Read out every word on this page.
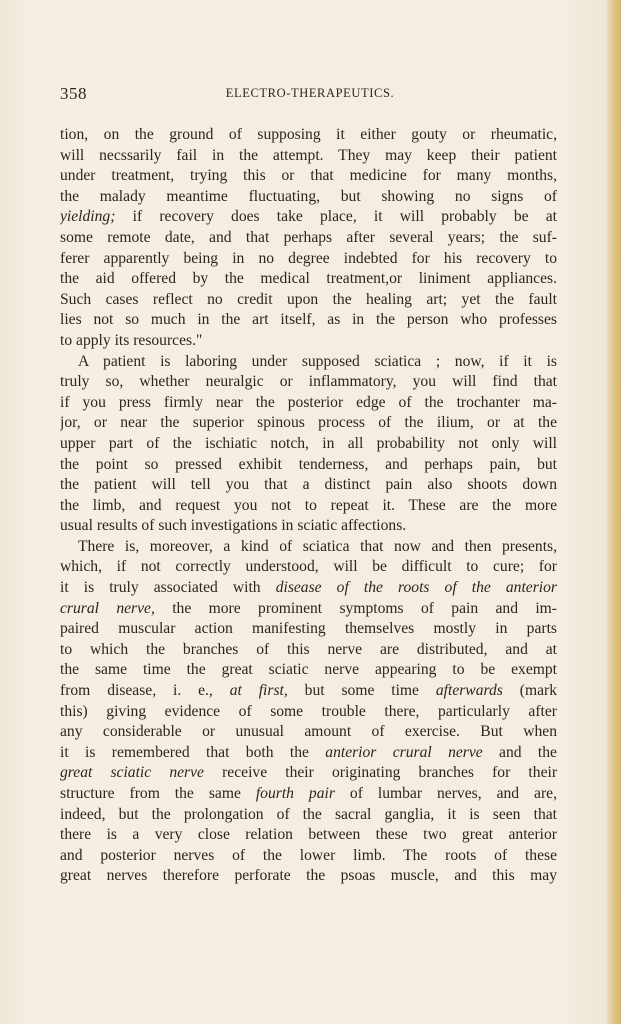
358	ELECTRO-THERAPEUTICS.
tion, on the ground of supposing it either gouty or rheumatic,
will necssarily fail in the attempt. They may keep their patient
under treatment, trying this or that medicine for many months,
the malady meantime fluctuating, but showing no signs of
yielding; if recovery does take place, it will probably be at
some remote date, and that perhaps after several years; the suf-
ferer apparently being in no degree indebted for his recovery to
the aid offered by the medical treatment,or liniment appliances.
Such cases reflect no credit upon the healing art; yet the fault
lies not so much in the art itself, as in the person who professes
to apply its resources."
A patient is laboring under supposed sciatica ; now, if it is
truly so, whether neuralgic or inflammatory, you will find that
if you press firmly near the posterior edge of the trochanter ma-
jor, or near the superior spinous process of the ilium, or at the
upper part of the ischiatic notch, in all probability not only will
the point so pressed exhibit tenderness, and perhaps pain, but
the patient will tell you that a distinct pain also shoots down
the limb, and request you not to repeat it. These are the more
usual results of such investigations in sciatic affections.
There is, moreover, a kind of sciatica that now and then presents,
which, if not correctly understood, will be difficult to cure; for
it is truly associated with disease of the roots of the anterior
crural nerve, the more prominent symptoms of pain and im-
paired muscular action manifesting themselves mostly in parts
to which the branches of this nerve are distributed, and at
the same time the great sciatic nerve appearing to be exempt
from disease, i. e., at first, but some time afterwards (mark
this) giving evidence of some trouble there, particularly after
any considerable or unusual amount of exercise. But when
it is remembered that both the anterior crural nerve and the
great sciatic nerve receive their originating branches for their
structure from the same fourth pair of lumbar nerves, and are,
indeed, but the prolongation of the sacral ganglia, it is seen that
there is a very close relation between these two great anterior
and posterior nerves of the lower limb. The roots of these
great nerves therefore perforate the psoas muscle, and this may
